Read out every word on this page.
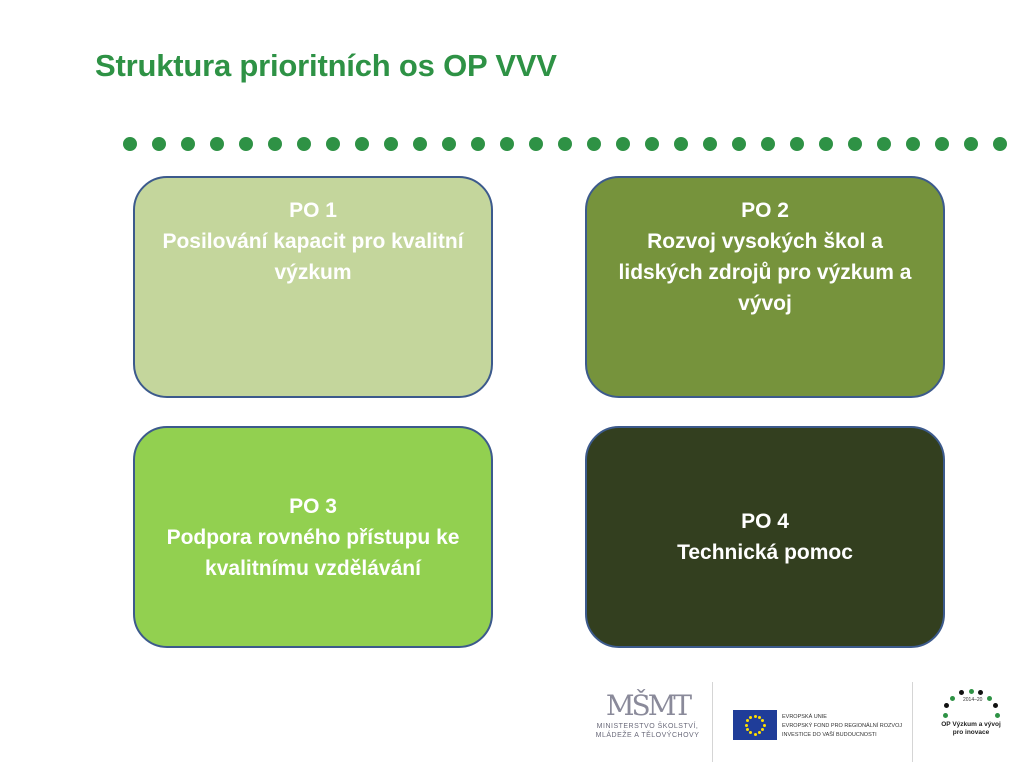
Struktura prioritních os OP VVV
PO 1
Posilování kapacit pro kvalitní výzkum
PO 2
Rozvoj vysokých škol a lidských zdrojů pro výzkum a vývoj
PO 3
Podpora rovného přístupu ke kvalitnímu vzdělávání
PO 4
Technická pomoc
MŠMT
MINISTERSTVO ŠKOLSTVÍ,
MLÁDEŽE A TĚLOVÝCHOVY
EVROPSKÁ UNIE
EVROPSKÝ FOND PRO REGIONÁLNÍ ROZVOJ
INVESTICE DO VAŠÍ BUDOUCNOSTI
2014–20
OP Výzkum a vývoj
pro inovace
